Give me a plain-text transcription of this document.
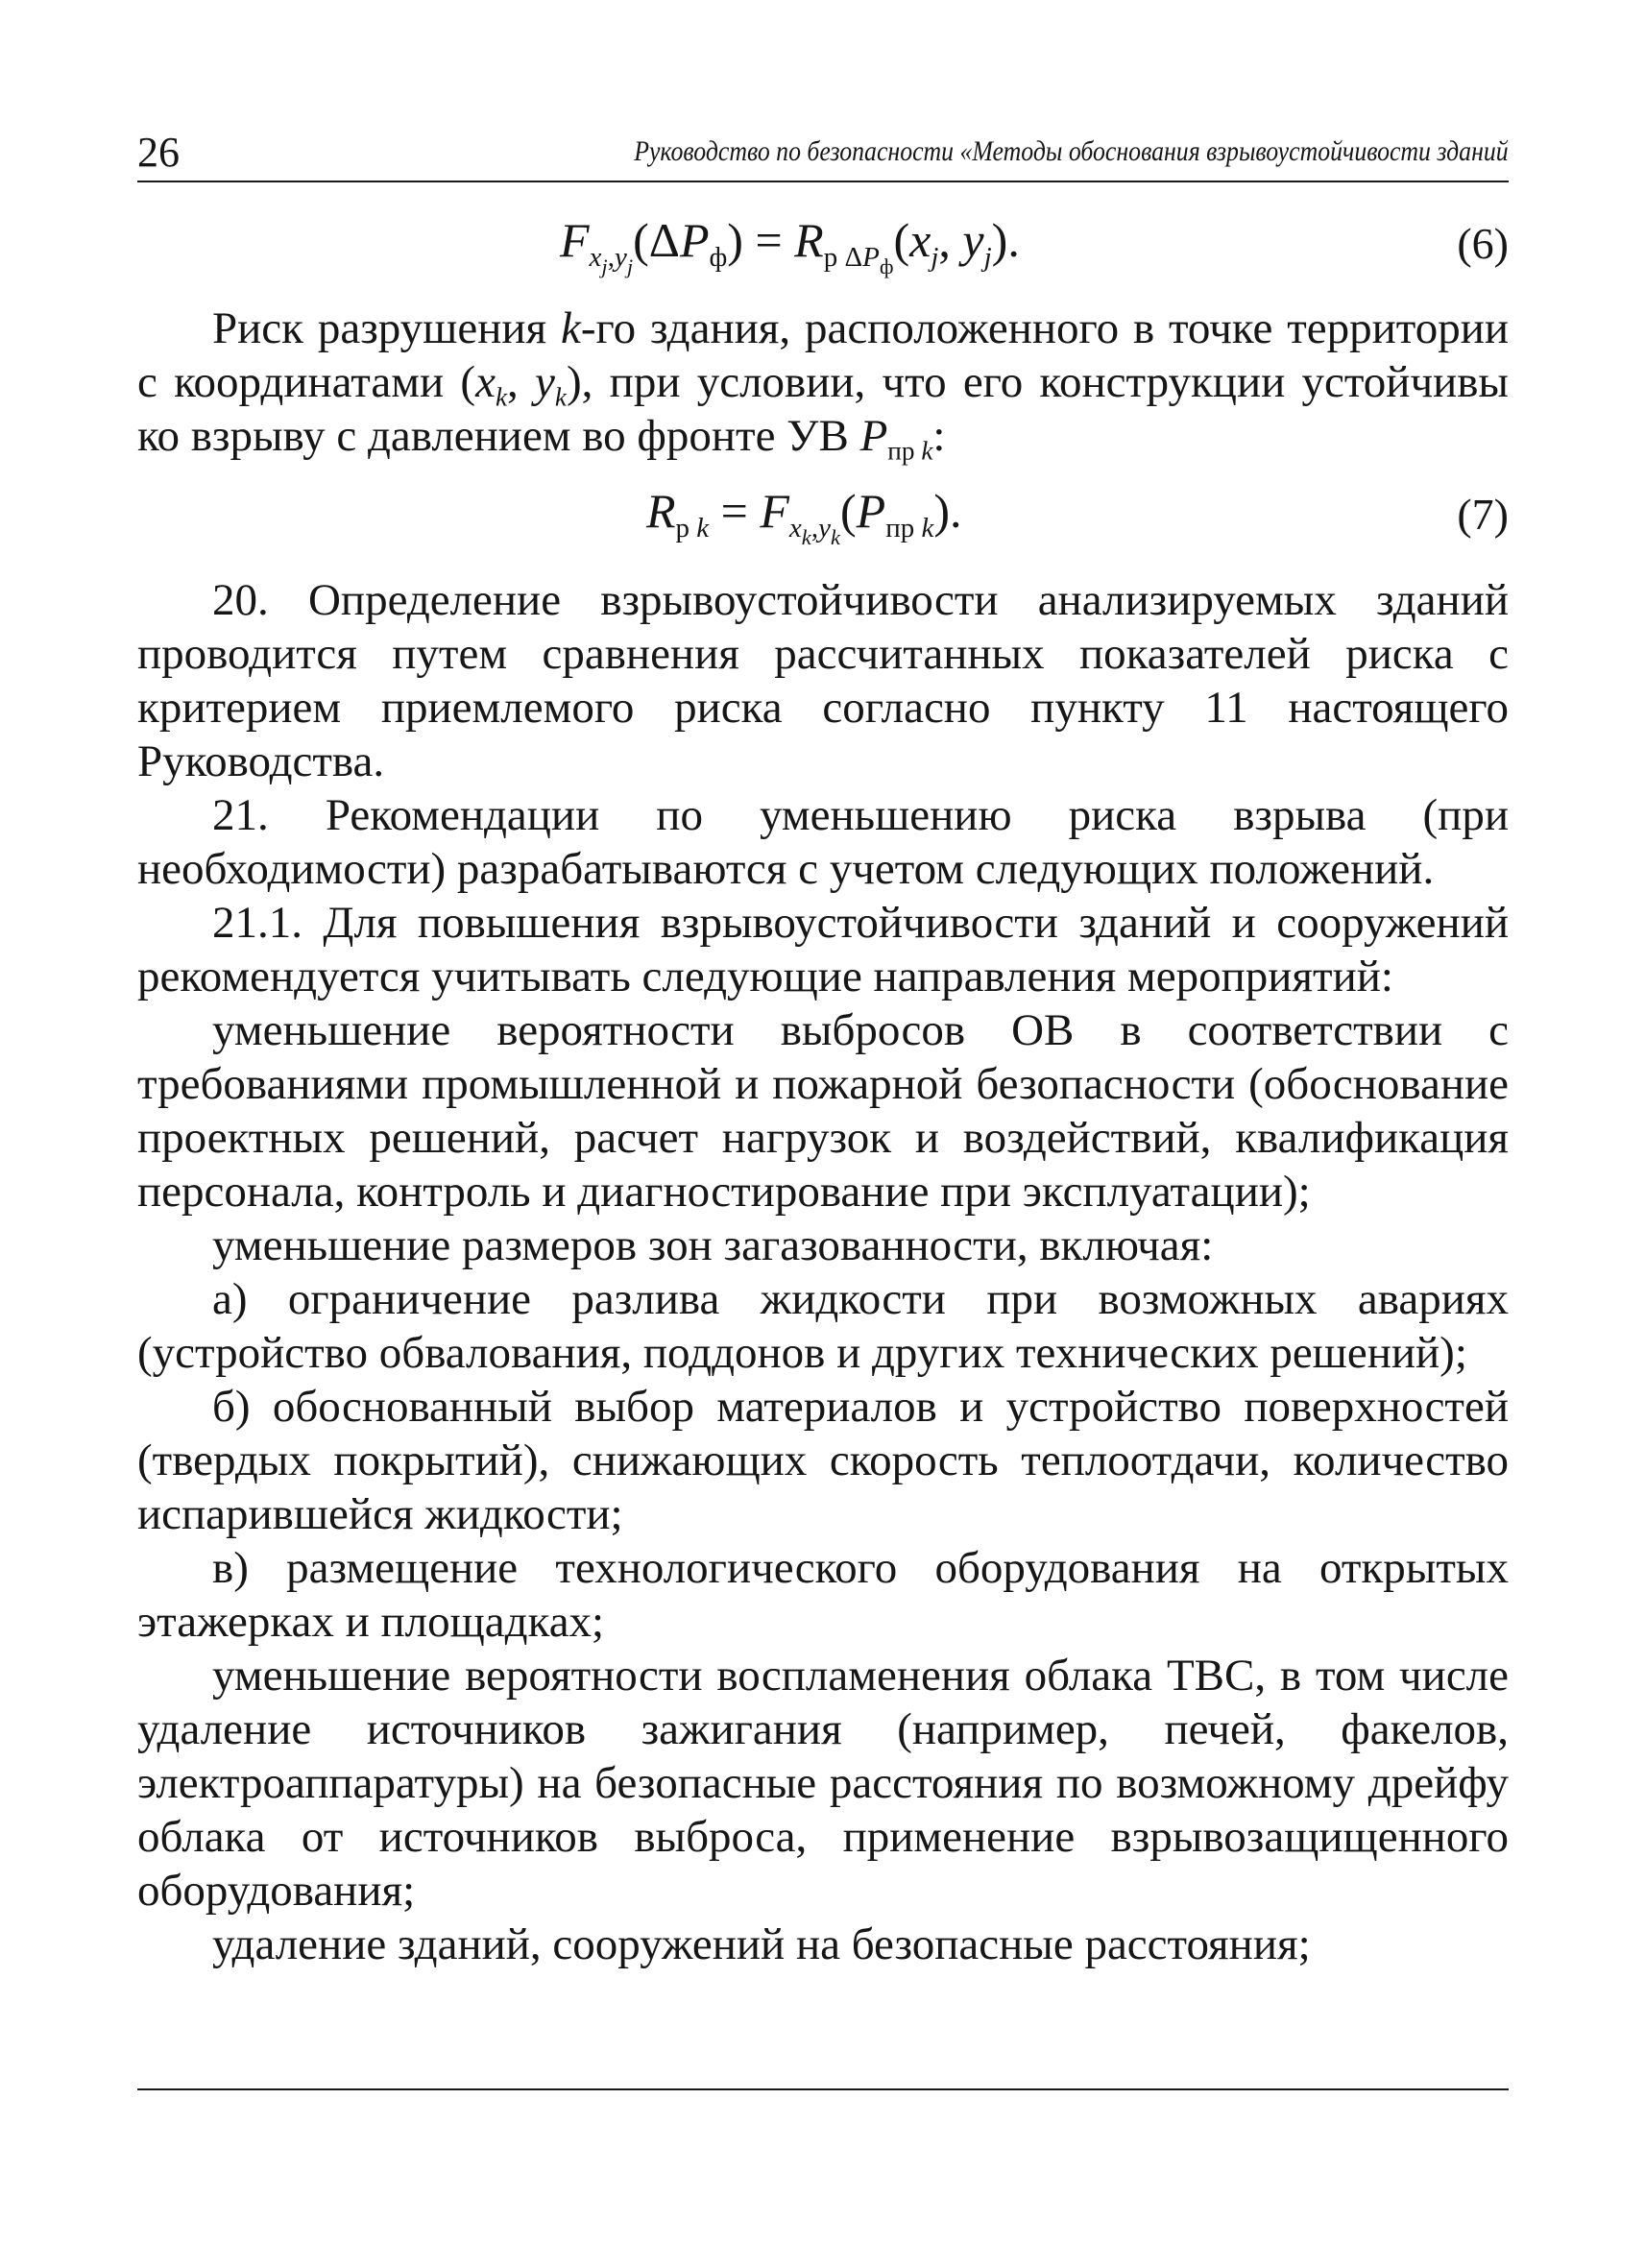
26	Руководство по безопасности «Методы обоснования взрывоустойчивости зданий
$F_{x_j,y_j}(\Delta P_ф) = R_{р \Delta P_ф}(x_j$, $y_j$).	(6)

Риск разрушения k-го здания, расположенного в точке территории с координатами ($x_k$, $y_k$), при условии, что его конструкции устойчивы ко взрыву с давлением во фронте УВ $P_{пр k}$:

$R_{р k} = F_{x_k,y_k}(P_{пр k})$.	(7)

20. Определение взрывоустойчивости анализируемых зданий проводится путем сравнения рассчитанных показателей риска с критерием приемлемого риска согласно пункту 11 настоящего Руководства.

21. Рекомендации по уменьшению риска взрыва (при необходимости) разрабатываются с учетом следующих положений.

21.1. Для повышения взрывоустойчивости зданий и сооружений рекомендуется учитывать следующие направления мероприятий:

уменьшение вероятности выбросов ОВ в соответствии с требованиями промышленной и пожарной безопасности (обоснование проектных решений, расчет нагрузок и воздействий, квалификация персонала, контроль и диагностирование при эксплуатации);

уменьшение размеров зон загазованности, включая:

а) ограничение разлива жидкости при возможных авариях (устройство обвалования, поддонов и других технических решений);

б) обоснованный выбор материалов и устройство поверхностей (твердых покрытий), снижающих скорость теплоотдачи, количество испарившейся жидкости;

в) размещение технологического оборудования на открытых этажерках и площадках;

уменьшение вероятности воспламенения облака ТВС, в том числе удаление источников зажигания (например, печей, факелов, электроаппаратуры) на безопасные расстояния по возможному дрейфу облака от источников выброса, применение взрывозащищенного оборудования;

удаление зданий, сооружений на безопасные расстояния;
